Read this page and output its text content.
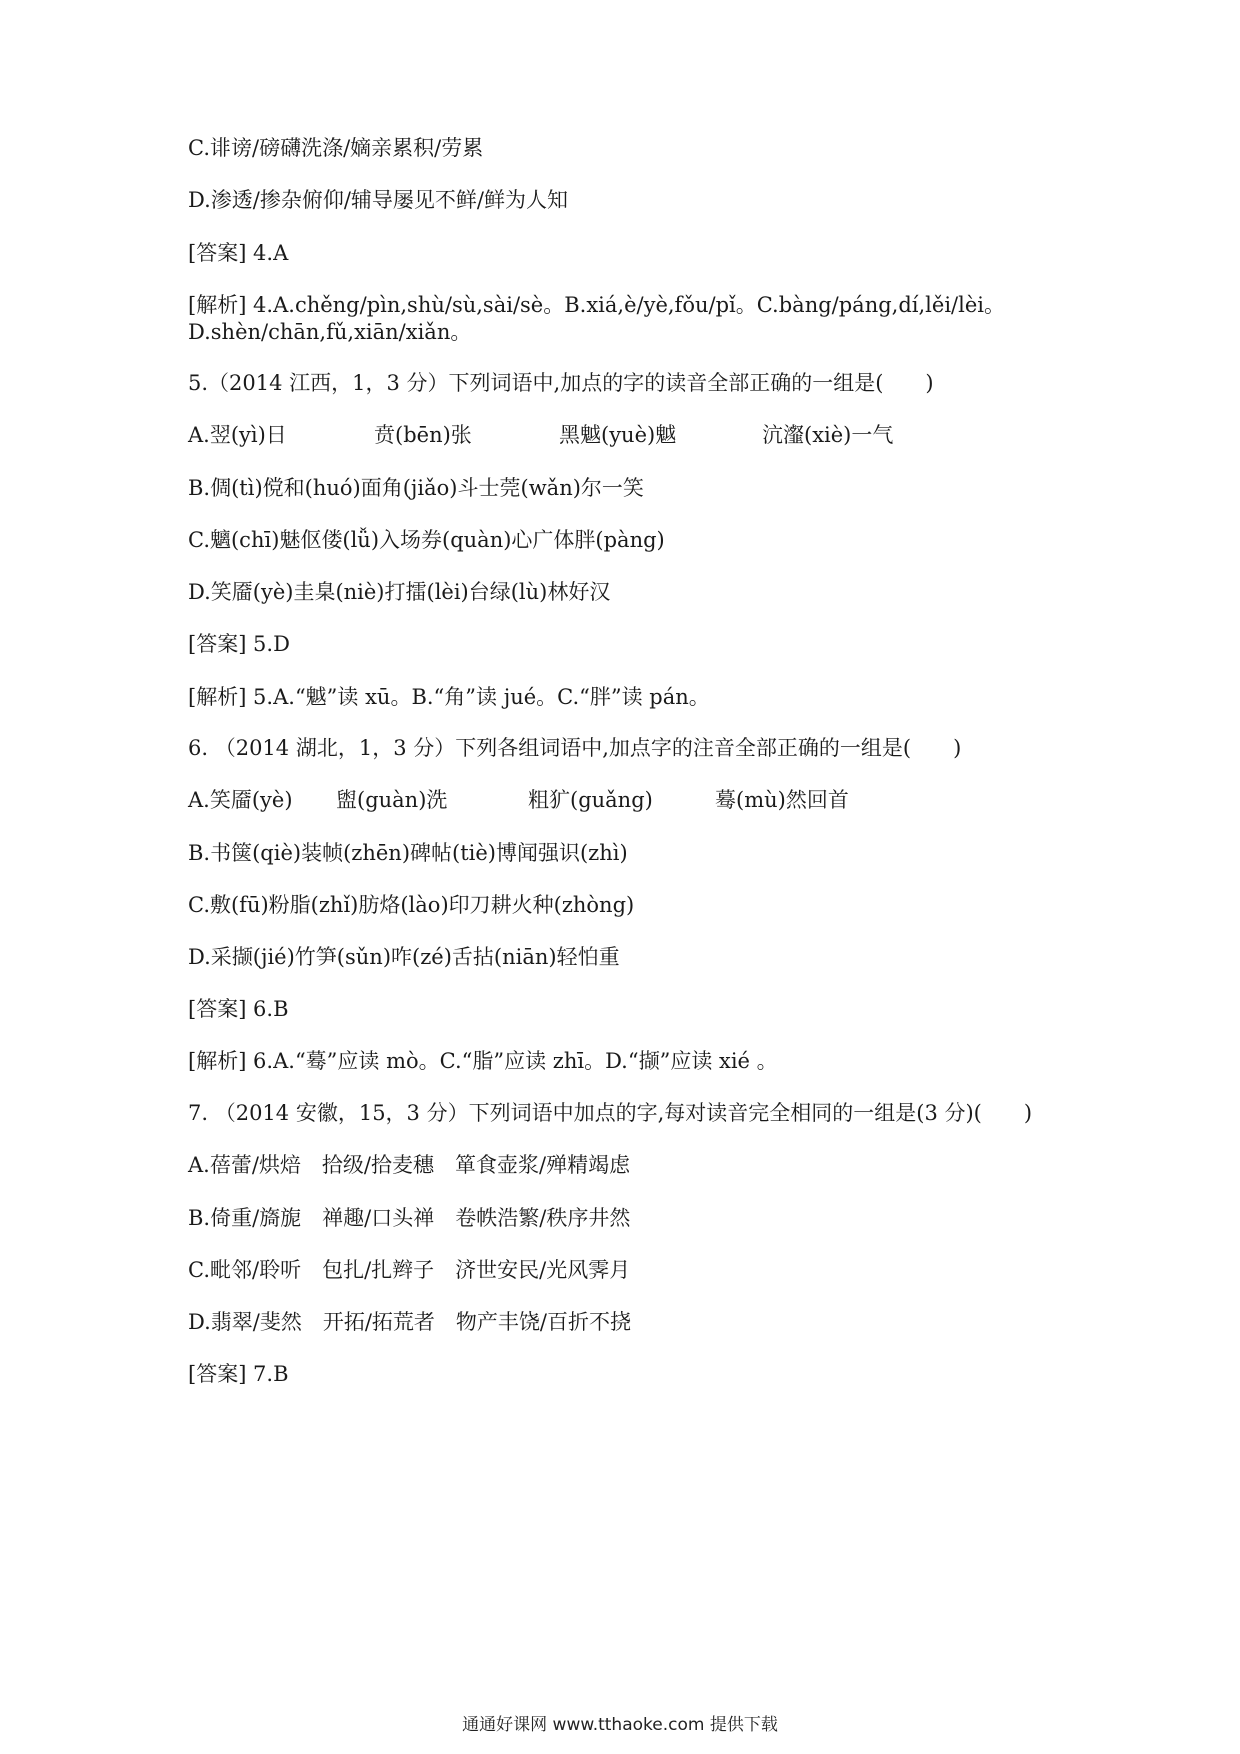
C.诽谤/磅礴洗涤/嫡亲累积/劳累
D.渗透/掺杂俯仰/辅导屡见不鲜/鲜为人知
[答案] 4.A
[解析] 4.A.chěng/pìn,shù/sù,sài/sè。B.xiá,è/yè,fǒu/pǐ。C.bàng/páng,dí,lěi/lèi。
D.shèn/chān,fǔ,xiān/xiǎn。
5.（2014 江西，1，3 分）下列词语中,加点的字的读音全部正确的一组是(　　)
A.翌(yì)日	贲(bēn)张	黑魆(yuè)魆	沆瀣(xiè)一气
B.倜(tì)傥和(huó)面角(jiǎo)斗士莞(wǎn)尔一笑
C.魑(chī)魅伛偻(lǚ)入场券(quàn)心广体胖(pàng)
D.笑靥(yè)圭臬(niè)打擂(lèi)台绿(lù)林好汉
[答案] 5.D
[解析] 5.A.“魆”读 xū。B.“角”读 jué。C.“胖”读 pán。
6. （2014 湖北，1，3 分）下列各组词语中,加点字的注音全部正确的一组是(　　)
A.笑靥(yè) 盥(guàn)洗	粗犷(guǎng)	蓦(mù)然回首
B.书箧(qiè)装帧(zhēn)碑帖(tiè)博闻强识(zhì)
C.敷(fū)粉脂(zhǐ)肪烙(lào)印刀耕火种(zhòng)
D.采撷(jié)竹笋(sǔn)咋(zé)舌拈(niān)轻怕重
[答案] 6.B
[解析] 6.A.“蓦”应读 mò。C.“脂”应读 zhī。D.“撷”应读 xié 。
7. （2014 安徽，15，3 分）下列词语中加点的字,每对读音完全相同的一组是(3 分)(　　)
A.蓓蕾/烘焙　拾级/拾麦穗　箪食壶浆/殚精竭虑
B.倚重/旖旎　禅趣/口头禅　卷帙浩繁/秩序井然
C.毗邻/聆听　包扎/扎辫子　济世安民/光风霁月
D.翡翠/斐然　开拓/拓荒者　物产丰饶/百折不挠
[答案] 7.B
通通好课网 www.tthaoke.com 提供下载
